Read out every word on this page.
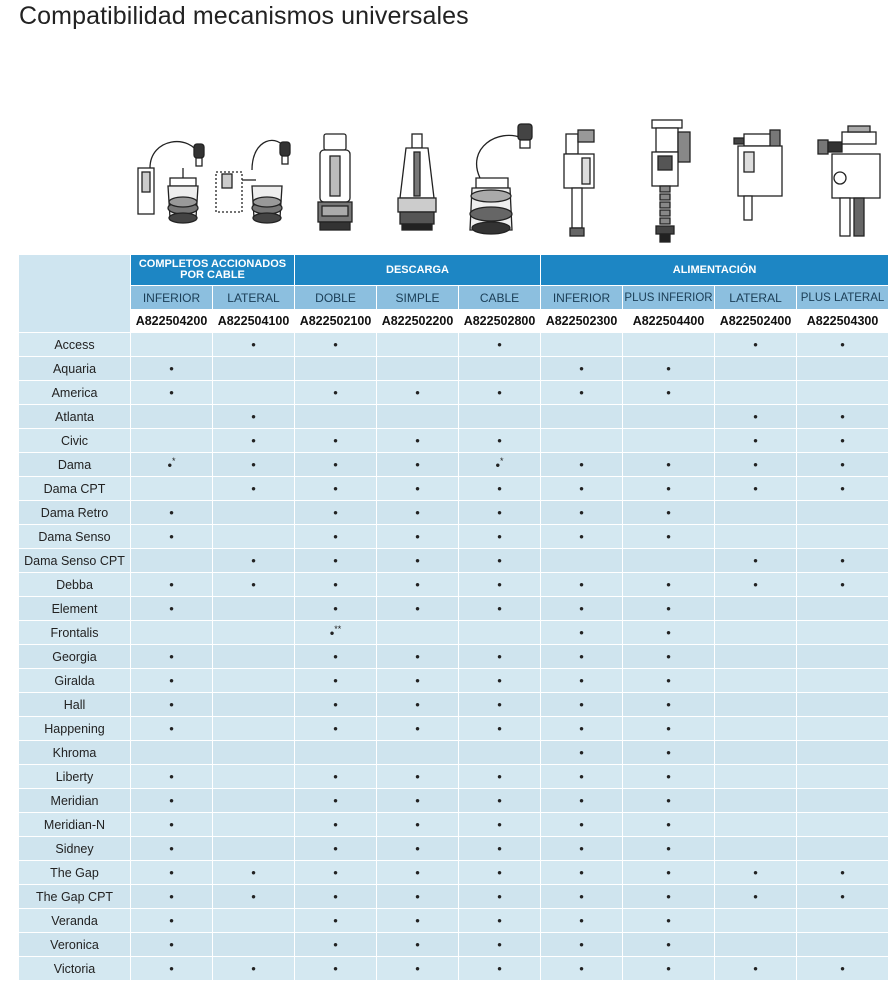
Compatibilidad mecanismos universales
	COMPLETOS ACCIONADOS POR CABLE		DESCARGA			ALIMENTACIÓN			
	INFERIOR	LATERAL	DOBLE	SIMPLE	CABLE	INFERIOR	PLUS INFERIOR	LATERAL	PLUS LATERAL
	A822504200	A822504100	A822502100	A822502200	A822502800	A822502300	A822504400	A822502400	A822504300
Access		•	•		•			•	•
Aquaria	•					•	•		
America	•		•	•	•	•	•		
Atlanta		•						•	•
Civic		•	•	•	•			•	•
Dama	•*	•	•	•	•*	•	•	•	•
Dama CPT		•	•	•	•	•	•	•	•
Dama Retro	•		•	•	•	•	•		
Dama Senso	•		•	•	•	•	•		
Dama Senso CPT		•	•	•	•			•	•
Debba	•	•	•	•	•	•	•	•	•
Element	•		•	•	•	•	•		
Frontalis			•**			•	•		
Georgia	•		•	•	•	•	•		
Giralda	•		•	•	•	•	•		
Hall	•		•	•	•	•	•		
Happening	•		•	•	•	•	•		
Khroma						•	•		
Liberty	•		•	•	•	•	•		
Meridian	•		•	•	•	•	•		
Meridian-N	•		•	•	•	•	•		
Sidney	•		•	•	•	•	•		
The Gap	•	•	•	•	•	•	•	•	•
The Gap CPT	•	•	•	•	•	•	•	•	•
Veranda	•		•	•	•	•	•		
Veronica	•		•	•	•	•	•		
Victoria	•	•	•	•	•	•	•	•	•
